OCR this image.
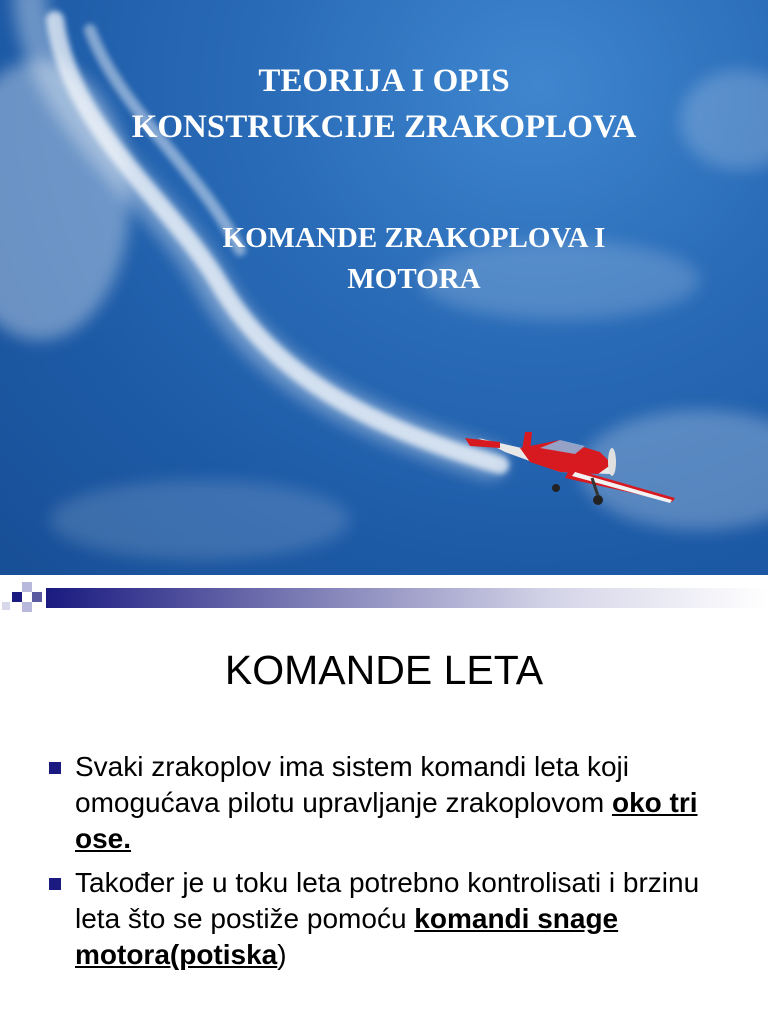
TEORIJA I OPIS
KONSTRUKCIJE ZRAKOPLOVA
KOMANDE ZRAKOPLOVA I
MOTORA
KOMANDE LETA
Svaki zrakoplov ima sistem komandi leta koji omogućava pilotu upravljanje zrakoplovom oko tri ose.
Također je u toku leta potrebno kontrolisati i brzinu leta što se postiže pomoću komandi snage motora(potiska)
